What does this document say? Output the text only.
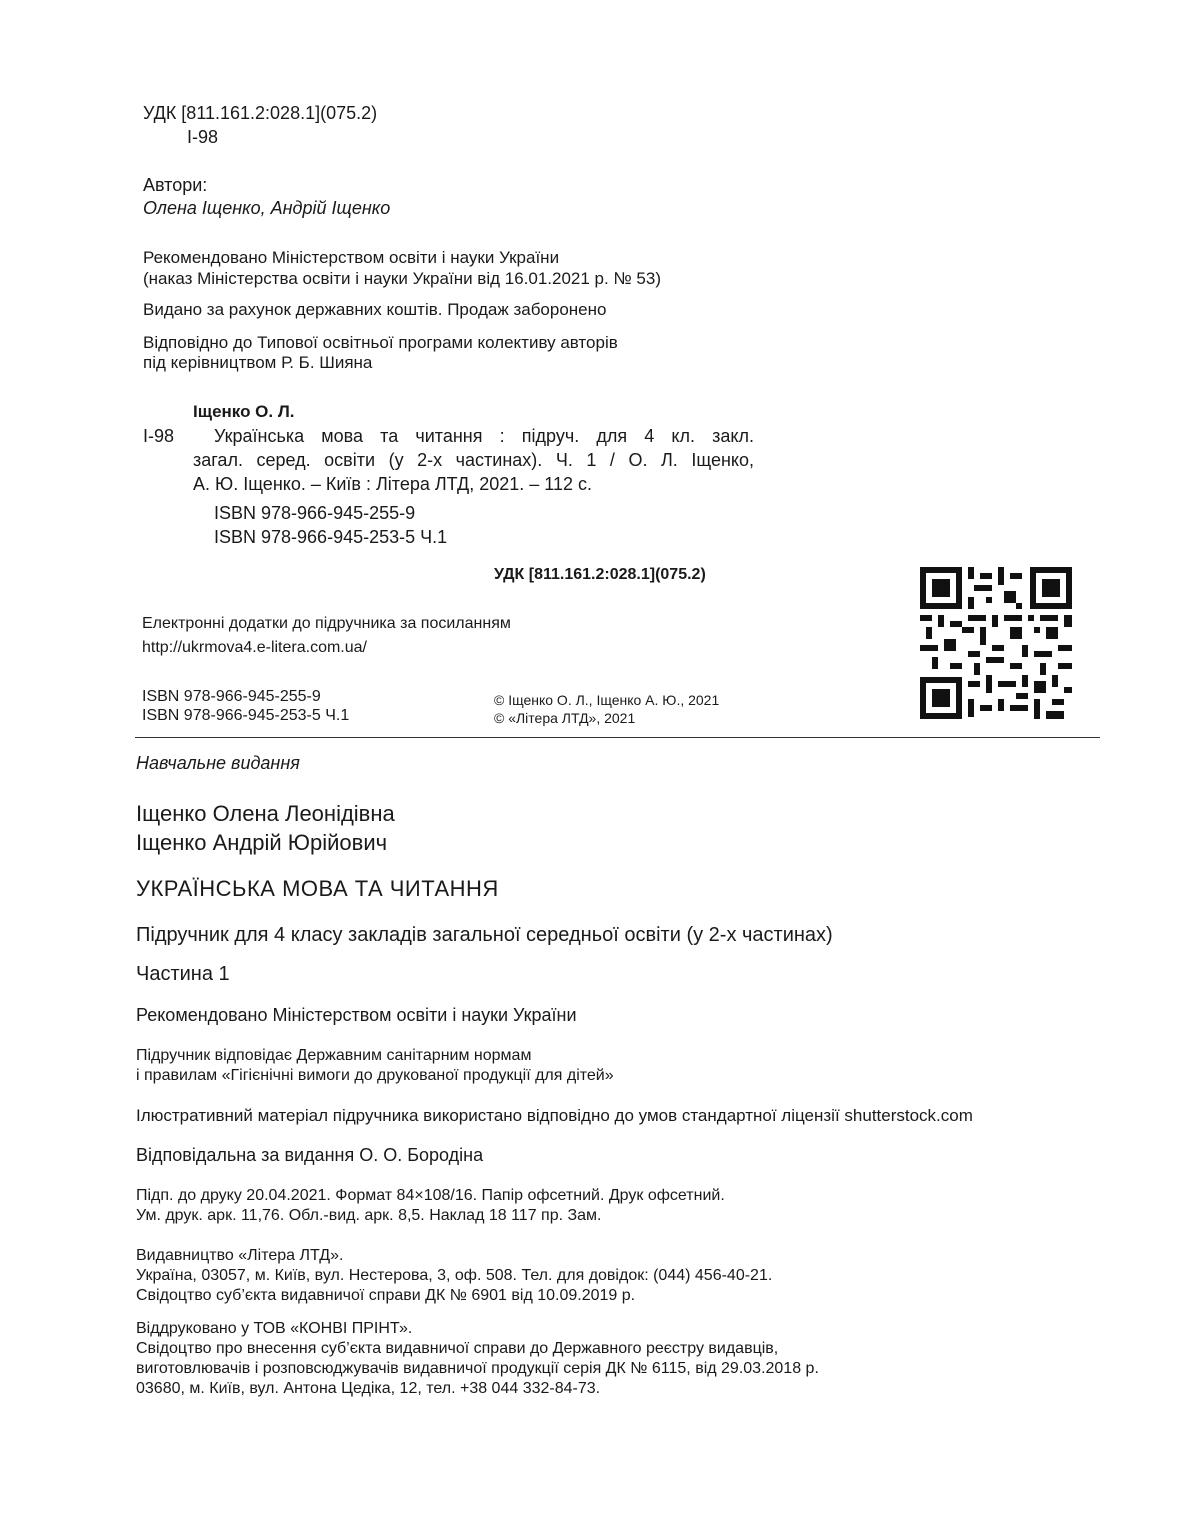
УДК [811.161.2:028.1](075.2)
І-98
Автори:
Олена Іщенко, Андрій Іщенко
Рекомендовано Міністерством освіти і науки України
(наказ Міністерства освіти і науки України від 16.01.2021 р. № 53)
Видано за рахунок державних коштів. Продаж заборонено
Відповідно до Типової освітньої програми колективу авторів
під керівництвом Р. Б. Шияна
Іщенко О. Л.
І-98 Українська мова та читання : підруч. для 4 кл. закл.
загал. серед. освіти (у 2-х частинах). Ч. 1 / О. Л. Іщенко,
А. Ю. Іщенко. – Київ : Літера ЛТД, 2021. – 112 с.
ISBN 978-966-945-255-9
ISBN 978-966-945-253-5 Ч.1
УДК [811.161.2:028.1](075.2)
Електронні додатки до підручника за посиланням
http://ukrmova4.e-litera.com.ua/
ISBN 978-966-945-255-9
ISBN 978-966-945-253-5 Ч.1
© Іщенко О. Л., Іщенко А. Ю., 2021
© «Літера ЛТД», 2021
Навчальне видання
Іщенко Олена Леонідівна
Іщенко Андрій Юрійович
УКРАЇНСЬКА МОВА ТА ЧИТАННЯ
Підручник для 4 класу закладів загальної середньої освіти (у 2-х частинах)
Частина 1
Рекомендовано Міністерством освіти і науки України
Підручник відповідає Державним санітарним нормам
і правилам «Гігієнічні вимоги до друкованої продукції для дітей»
Ілюстративний матеріал підручника використано відповідно до умов стандартної ліцензії shutterstock.com
Відповідальна за видання О. О. Бородіна
Підп. до друку 20.04.2021. Формат 84×108/16. Папір офсетний. Друк офсетний.
Ум. друк. арк. 11,76. Обл.-вид. арк. 8,5. Наклад 18 117 пр. Зам.
Видавництво «Літера ЛТД».
Україна, 03057, м. Київ, вул. Нестерова, 3, оф. 508. Тел. для довідок: (044) 456-40-21.
Свідоцтво суб’єкта видавничої справи ДК № 6901 від 10.09.2019 р.
Віддруковано у ТОВ «КОНВІ ПРІНТ».
Свідоцтво про внесення суб’єкта видавничої справи до Державного реєстру видавців,
виготовлювачів і розповсюджувачів видавничої продукції серія ДК № 6115, від 29.03.2018 р.
03680, м. Київ, вул. Антона Цедіка, 12, тел. +38 044 332-84-73.
